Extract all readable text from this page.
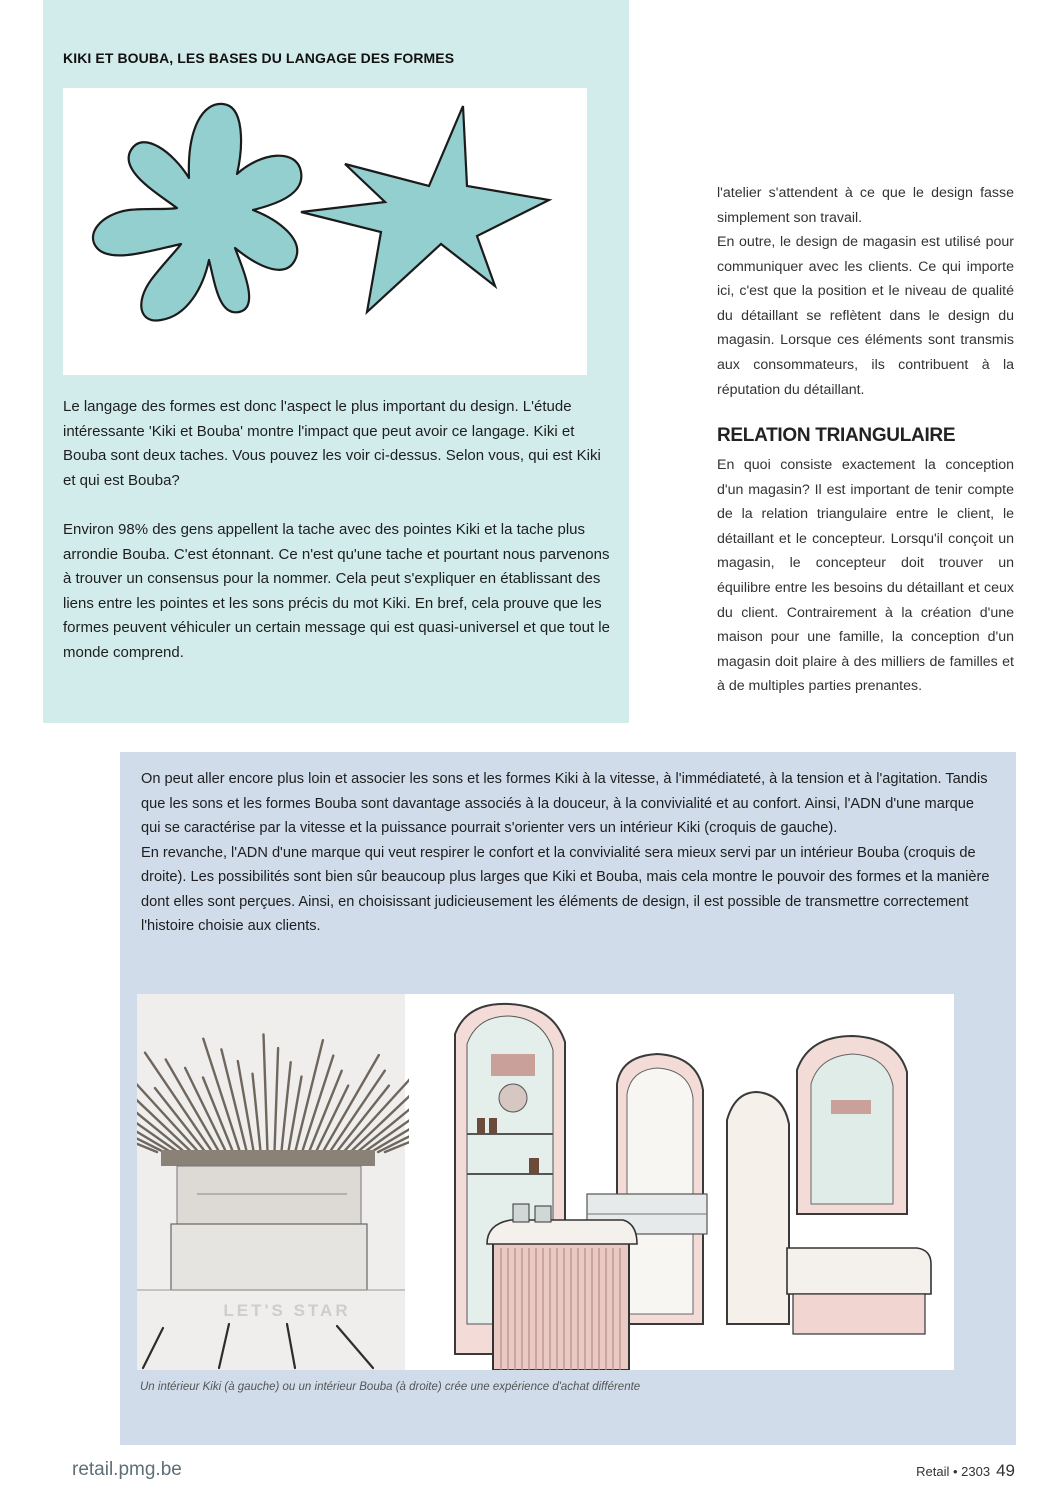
KIKI ET BOUBA, LES BASES DU LANGAGE DES FORMES

Le langage des formes est donc l'aspect le plus important du design. L'étude intéressante 'Kiki et Bouba' montre l'impact que peut avoir ce langage. Kiki et Bouba sont deux taches. Vous pouvez les voir ci-dessus. Selon vous, qui est Kiki et qui est Bouba?

Environ 98% des gens appellent la tache avec des pointes Kiki et la tache plus arrondie Bouba. C'est étonnant. Ce n'est qu'une tache et pourtant nous parvenons à trouver un consensus pour la nommer. Cela peut s'expliquer en établissant des liens entre les pointes et les sons précis du mot Kiki. En bref, cela prouve que les formes peuvent véhiculer un certain message qui est quasi-universel et que tout le monde comprend.

l'atelier s'attendent à ce que le design fasse simplement son travail.

En outre, le design de magasin est utilisé pour communiquer avec les clients. Ce qui importe ici, c'est que la position et le niveau de qualité du détaillant se reflètent dans le design du magasin. Lorsque ces éléments sont transmis aux consommateurs, ils contribuent à la réputation du détaillant.

RELATION TRIANGULAIRE

En quoi consiste exactement la conception d'un magasin? Il est important de tenir compte de la relation triangulaire entre le client, le détaillant et le concepteur. Lorsqu'il conçoit un magasin, le concepteur doit trouver un équilibre entre les besoins du détaillant et ceux du client. Contrairement à la création d'une maison pour une famille, la conception d'un magasin doit plaire à des milliers de familles et à de multiples parties prenantes.

On peut aller encore plus loin et associer les sons et les formes Kiki à la vitesse, à l'immédiateté, à la tension et à l'agitation. Tandis que les sons et les formes Bouba sont davantage associés à la douceur, à la convivialité et au confort. Ainsi, l'ADN d'une marque qui se caractérise par la vitesse et la puissance pourrait s'orienter vers un intérieur Kiki (croquis de gauche).

En revanche, l'ADN d'une marque qui veut respirer le confort et la convivialité sera mieux servi par un intérieur Bouba (croquis de droite). Les possibilités sont bien sûr beaucoup plus larges que Kiki et Bouba, mais cela montre le pouvoir des formes et la manière dont elles sont perçues. Ainsi, en choisissant judicieusement les éléments de design, il est possible de transmettre correctement l'histoire choisie aux clients.

LET'S STAR

Un intérieur Kiki (à gauche) ou un intérieur Bouba (à droite) crée une expérience d'achat différente

retail.pmg.be	Retail • 2303 49
